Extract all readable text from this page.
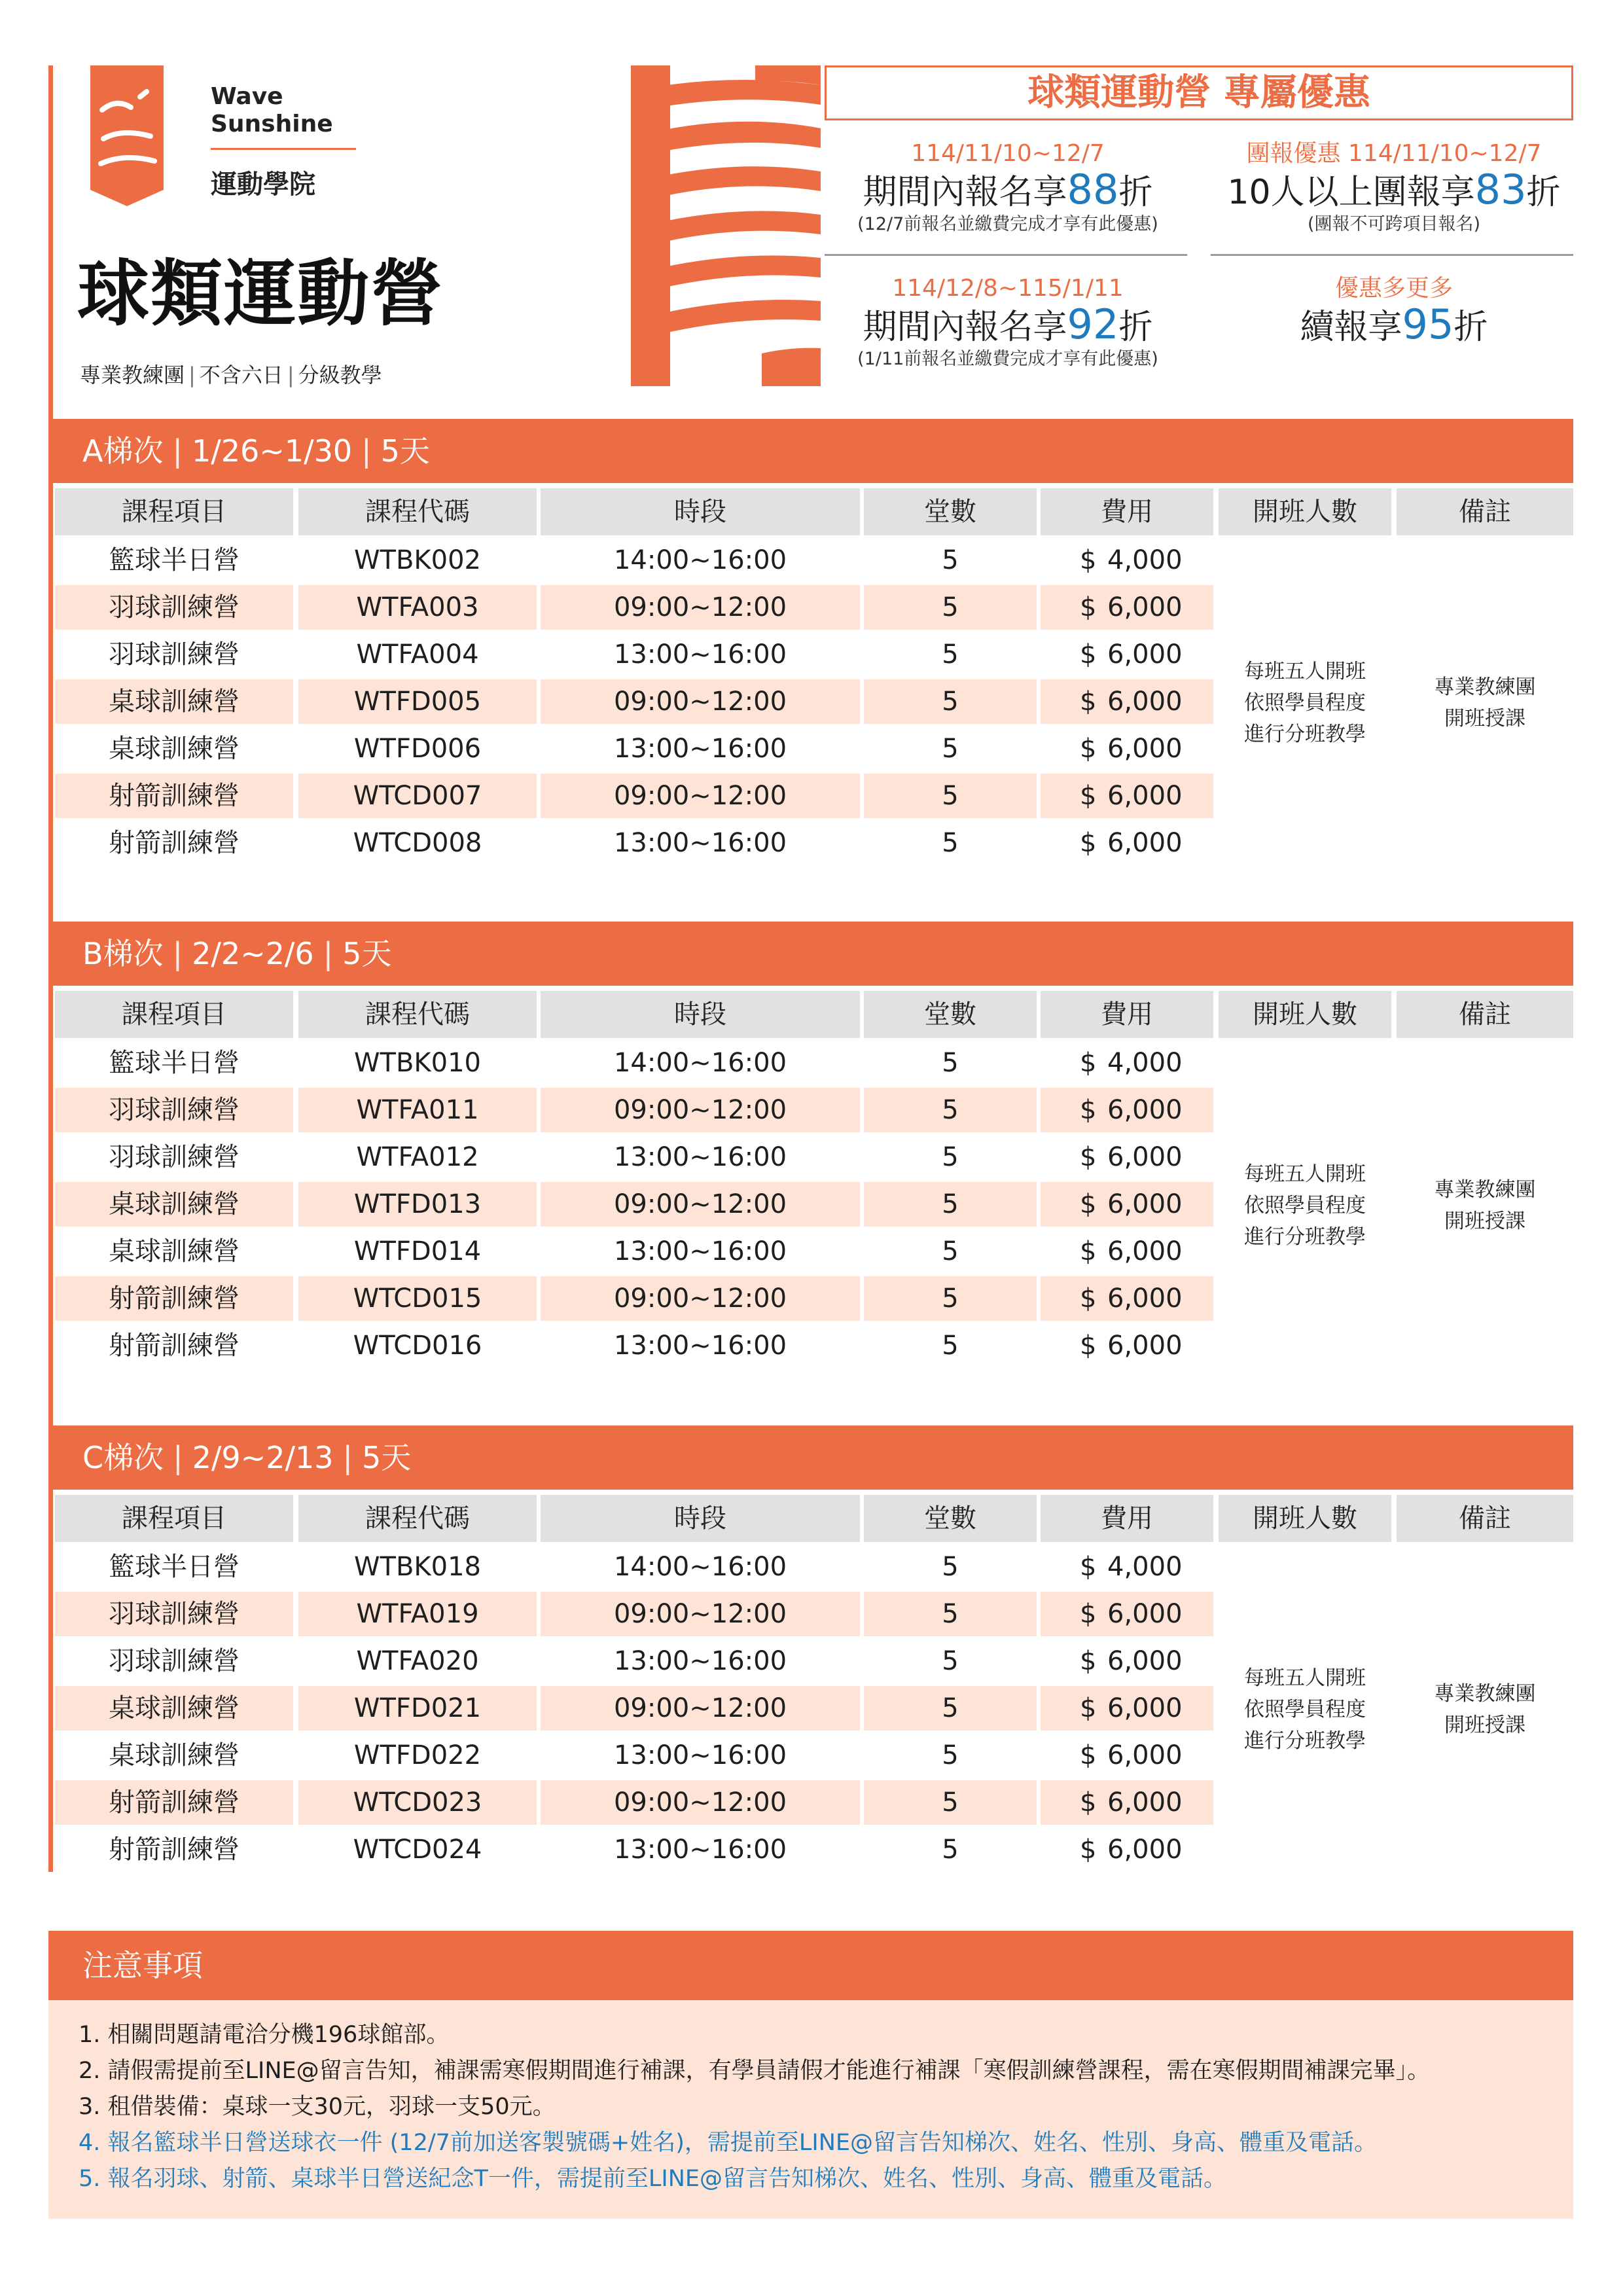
Wave
Sunshine
運動學院
球類運動營
專業教練團 | 不含六日 | 分級教學
球類運動營 專屬優惠
114/11/10~12/7
期間內報名享88折
(12/7前報名並繳費完成才享有此優惠)
團報優惠 114/11/10~12/7
10人以上團報享83折
(團報不可跨項目報名)
114/12/8~115/1/11
期間內報名享92折
(1/11前報名並繳費完成才享有此優惠)
優惠多更多
續報享95折
A梯次 | 1/26~1/30 | 5天
課程項目	課程代碼	時段	堂數	費用	開班人數	備註
籃球半日營	WTBK002	14:00~16:00	5	$ 4,000
羽球訓練營	WTFA003	09:00~12:00	5	$ 6,000
羽球訓練營	WTFA004	13:00~16:00	5	$ 6,000
桌球訓練營	WTFD005	09:00~12:00	5	$ 6,000
桌球訓練營	WTFD006	13:00~16:00	5	$ 6,000
射箭訓練營	WTCD007	09:00~12:00	5	$ 6,000
射箭訓練營	WTCD008	13:00~16:00	5	$ 6,000
每班五人開班
依照學員程度
進行分班教學
專業教練團
開班授課
B梯次 | 2/2~2/6 | 5天
課程項目	課程代碼	時段	堂數	費用	開班人數	備註
籃球半日營	WTBK010	14:00~16:00	5	$ 4,000
羽球訓練營	WTFA011	09:00~12:00	5	$ 6,000
羽球訓練營	WTFA012	13:00~16:00	5	$ 6,000
桌球訓練營	WTFD013	09:00~12:00	5	$ 6,000
桌球訓練營	WTFD014	13:00~16:00	5	$ 6,000
射箭訓練營	WTCD015	09:00~12:00	5	$ 6,000
射箭訓練營	WTCD016	13:00~16:00	5	$ 6,000
每班五人開班
依照學員程度
進行分班教學
專業教練團
開班授課
C梯次 | 2/9~2/13 | 5天
課程項目	課程代碼	時段	堂數	費用	開班人數	備註
籃球半日營	WTBK018	14:00~16:00	5	$ 4,000
羽球訓練營	WTFA019	09:00~12:00	5	$ 6,000
羽球訓練營	WTFA020	13:00~16:00	5	$ 6,000
桌球訓練營	WTFD021	09:00~12:00	5	$ 6,000
桌球訓練營	WTFD022	13:00~16:00	5	$ 6,000
射箭訓練營	WTCD023	09:00~12:00	5	$ 6,000
射箭訓練營	WTCD024	13:00~16:00	5	$ 6,000
每班五人開班
依照學員程度
進行分班教學
專業教練團
開班授課
注意事項
1. 相關問題請電洽分機196球館部。
2. 請假需提前至LINE@留言告知，補課需寒假期間進行補課，有學員請假才能進行補課「寒假訓練營課程，需在寒假期間補課完畢」。
3. 租借裝備：桌球一支30元，羽球一支50元。
4. 報名籃球半日營送球衣一件 (12/7前加送客製號碼+姓名)，需提前至LINE@留言告知梯次、姓名、性別、身高、體重及電話。
5. 報名羽球、射箭、桌球半日營送紀念T一件，需提前至LINE@留言告知梯次、姓名、性別、身高、體重及電話。
